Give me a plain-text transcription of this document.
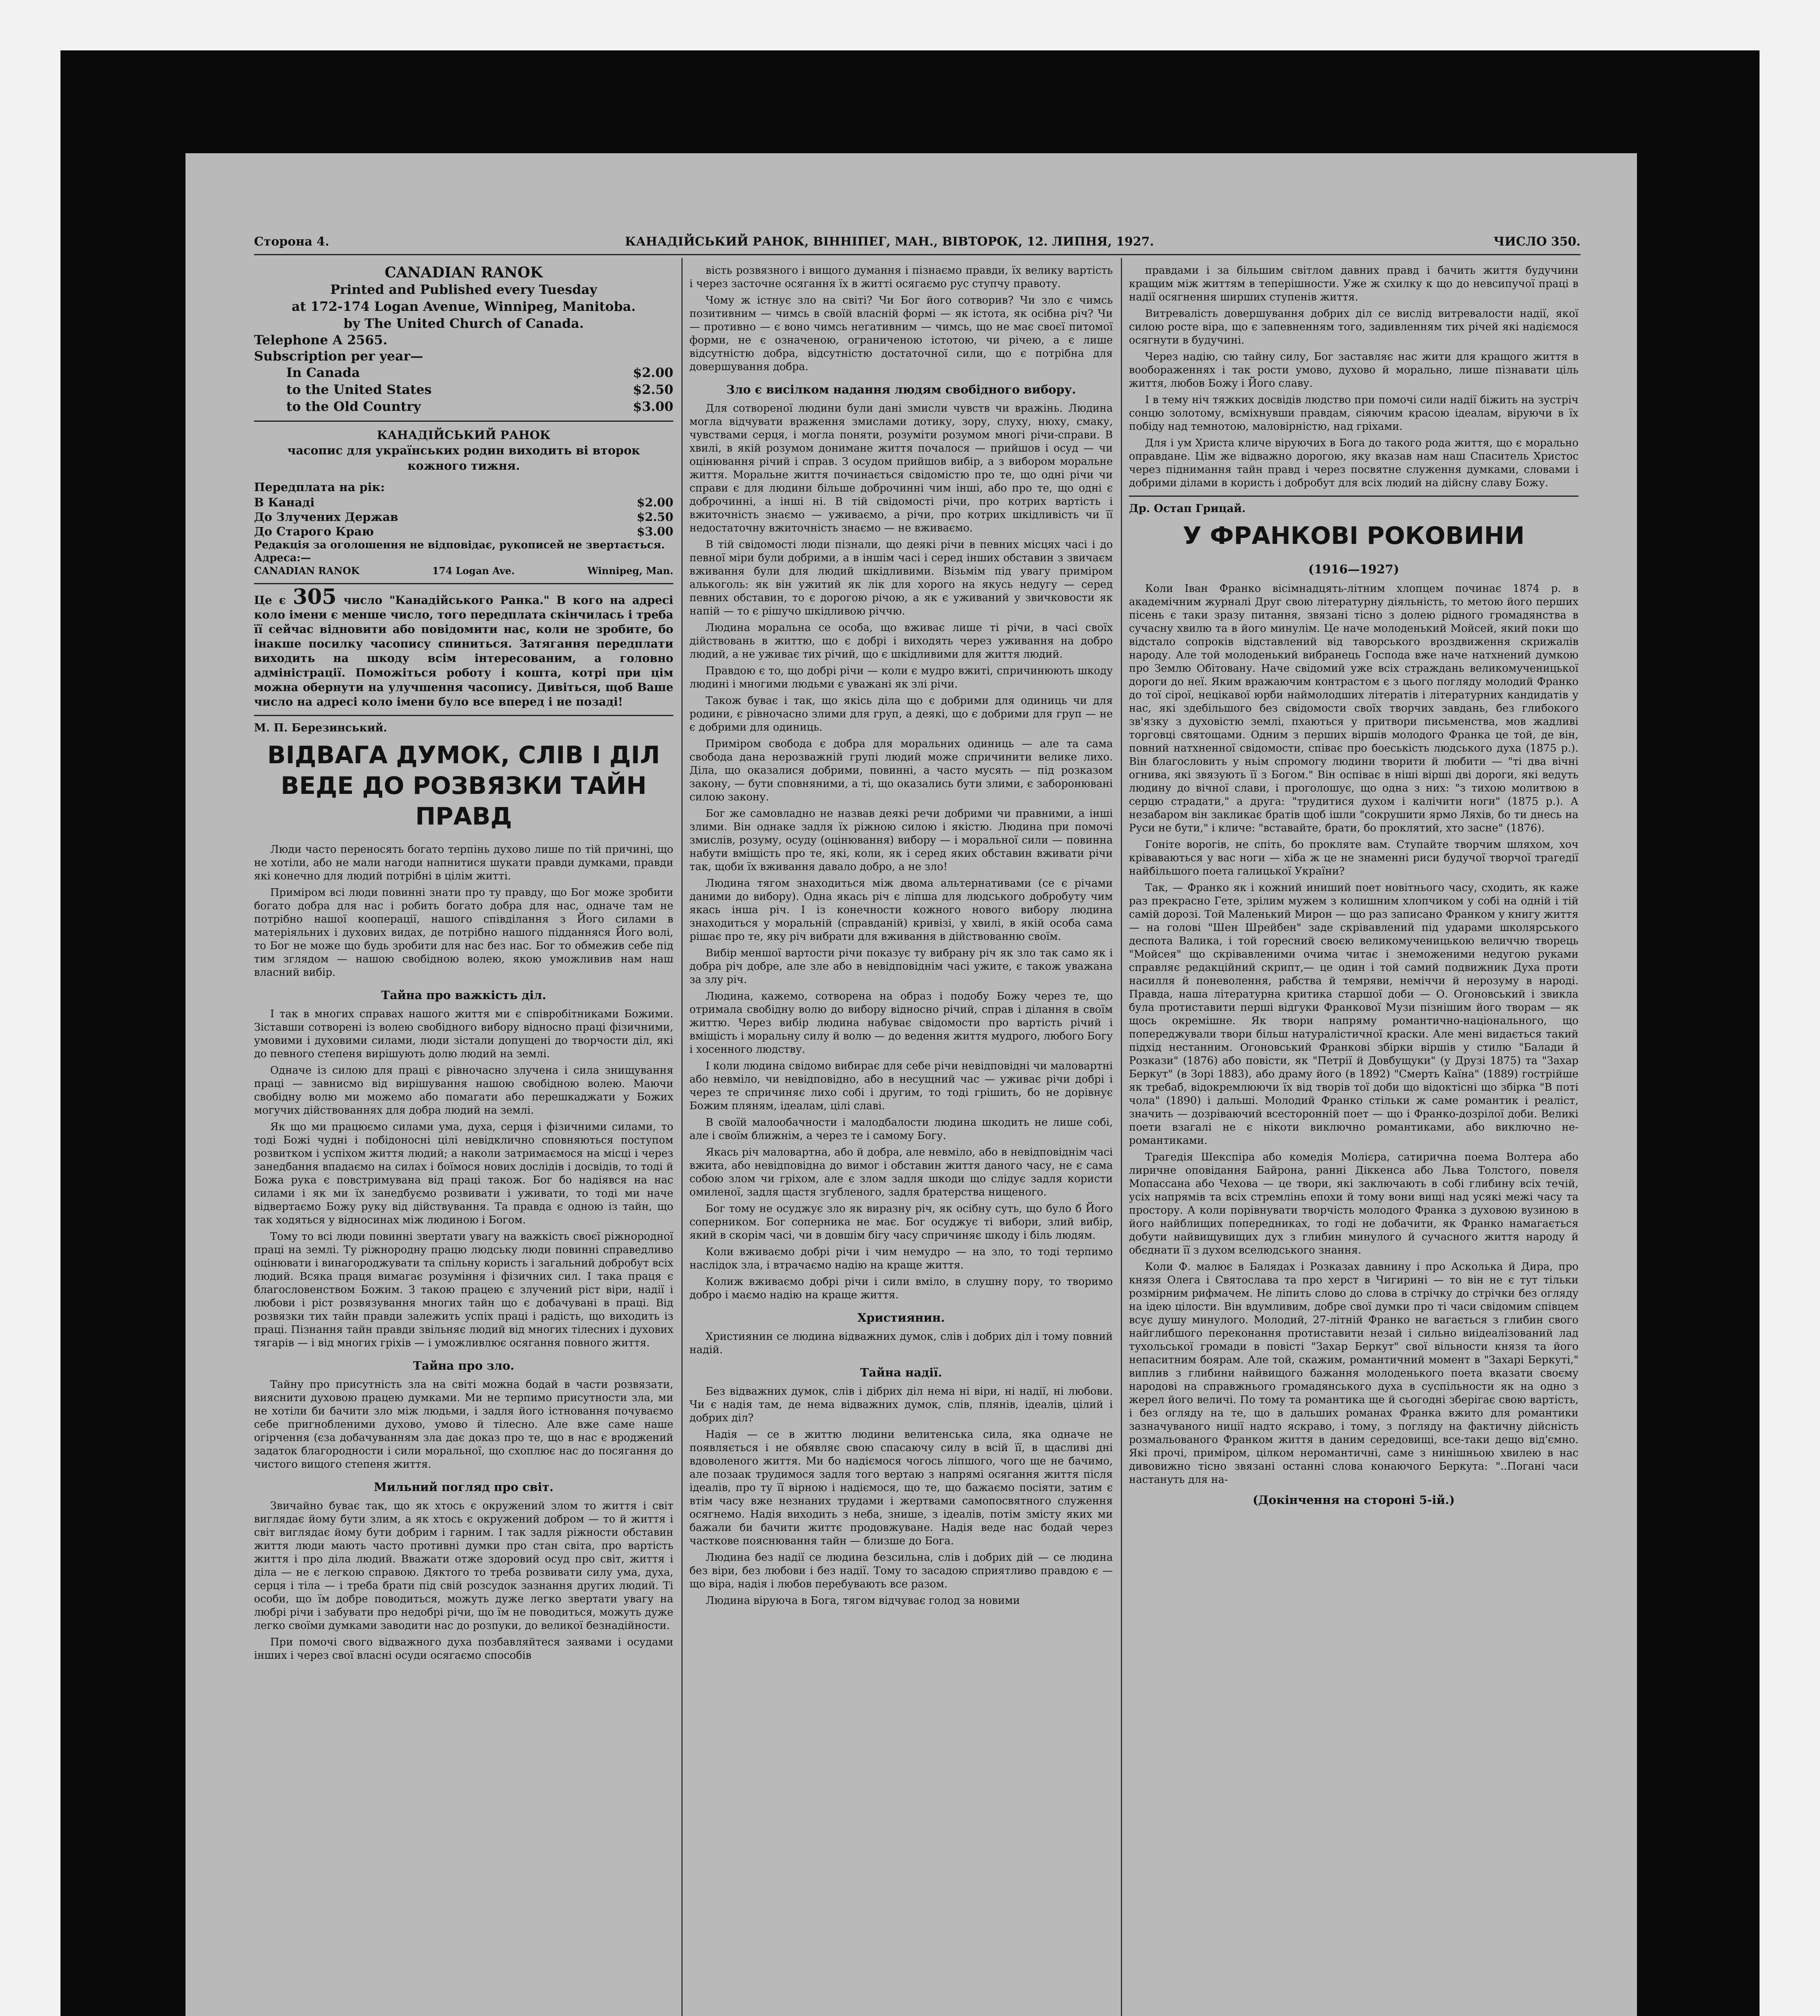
Сторона 4.	КАНАДІЙСЬКИЙ РАНОК, ВІННІПЕГ, МАН., ВІВТОРОК, 12. ЛИПНЯ, 1927.	ЧИСЛО 350.
CANADIAN RANOK
Printed and Published every Tuesday
at 172-174 Logan Avenue, Winnipeg, Manitoba.
by The United Church of Canada.
Telephone A 2565.
Subscription per year—
In Canada	$2.00
to the United States	$2.50
to the Old Country	$3.00
КАНАДІЙСЬКИЙ РАНОК
часопис для українських родин виходить ві второк
кожного тижня.
Передплата на рік:
В Канаді	$2.00
До Злучених Держав	$2.50
До Старого Краю	$3.00
Редакція за оголошення не відповідає, рукописей не звертається. Адреса:—
CANADIAN RANOK	174 Logan Ave.	Winnipeg, Man.
Це є 305 число "Канадійського Ранка." В кого на адресі коло імени є менше число, того передплата скінчилась і треба її сейчас відновити або повідомити нас, коли не зробите, бо інакше посилку часопису спиниться. Затягання передплати виходить на шкоду всім інтересованим, а головно адміністрації. Поможіться роботу і кошта, котрі при цім можна обернути на улучшення часопису. Дивіться, щоб Ваше число на адресі коло імени було все вперед і не позаді!
М. П. Березинський.
ВІДВАГА ДУМОК, СЛІВ І ДІЛ ВЕДЕ ДО РОЗВЯЗКИ ТАЙН ПРАВД

Люди часто переносять богато терпінь духово лише по тій причині, що не хотіли, або не мали нагоди напнитися шукати правди думками, правди які конечно для людий потрібні в цілім житті.

Приміром всі люди повинні знати про ту правду, що Бог може зробити богато добра для нас і робить богато добра для нас, одначе там не потрібно нашої кооперації, нашого співділання з Його силами в матеріяльних і духових видах, де потрібно нашого підданняся Його волі, то Бог не може що будь зробити для нас без нас. Бог то обмежив себе під тим зглядом — нашою свобідною волею, якою уможливив нам наш власний вибір.

Тайна про важкість діл.

І так в многих справах нашого життя ми є співробітниками Божими. Зіставши сотворені із волею свобідного вибору відносно праці фізичними, умовими і духовими силами, люди зістали допущені до творчости діл, які до певного степеня вирішують долю людий на землі.

Одначе із силою для праці є рівночасно злучена і сила знищування праці — завнисмо від вирішування нашою свобідною волею. Маючи свобідну волю ми можемо або помагати або перешкаджати у Божих могучих дійствованнях для добра людий на землі.

Як що ми працюємо силами ума, духа, серця і фізичними силами, то тоді Божі чудні і побідоносні цілі невідклично сповняються поступом розвитком і успіхом життя людий; а наколи затримаємося на місці і через занедбання впадаємо на силах і боїмося нових дослідів і досвідів, то тоді й Божа рука є повстримувана від праці також. Бог бо надіявся на нас силами і як ми їх занедбуємо розвивати і уживати, то тоді ми наче відвертаємо Божу руку від дійствування. Та правда є одною із тайн, що так ходяться у відносинах між людиною і Богом.

Тому то всі люди повинні звертати увагу на важкість своєї ріжнородної праці на землі. Ту ріжнородну працю людську люди повинні справедливо оцінювати і винагороджувати та спільну користь і загальний добробут всіх людий. Всяка праця вимагає розуміння і фізичних сил. І така праця є благословенством Божим. З такою працею є злучений ріст віри, надії і любови і ріст розвязування многих тайн що є добачувані в праці. Від розвязки тих тайн правди залежить успіх праці і радість, що виходить із праці. Пізнання тайн правди звільняє людий від многих тілесних і духових тягарів — і від многих гріхів — і уможливлює осягання повного життя.

Тайна про зло.

Тайну про присутність зла на світі можна бодай в части розвязати, вияснити духовою працею думками. Ми не терпимо присутности зла, ми не хотіли би бачити зло між людьми, і задля його істновання почуваємо себе пригнобленими духово, умово й тілесно. Але вже саме наше огірчення (єза добачуванням зла дає доказ про те, що в нас є вроджений задаток благородности і сили моральної, що схоплює нас до посягання до чистого вищого степеня життя.

Мильний погляд про світ.

Звичайно буває так, що як хтось є окружений злом то життя і світ виглядає йому бути злим, а як хтось є окружений добром — то й життя і світ виглядає йому бути добрим і гарним. І так задля ріжности обставин життя люди мають часто противні думки про стан світа, про вартість життя і про діла людий. Вважати отже здоровий осуд про світ, життя і діла — не є легкою справою. Дяктого то треба розвивати силу ума, духа, серця і тіла — і треба брати під свій розсудок зазнання других людий. Ті особи, що їм добре поводиться, можуть дуже легко звертати увагу на любрі річи і забувати про недобрі річи, що їм не поводиться, можуть дуже легко своїми думками заводити нас до розпуки, до великої безнадійности.

При помочі свого відважного духа позбавляйтеся заявами і осудами інших і через свої власні осуди осягаємо способів

вість розвязного і вищого думання і пізнаємо правди, їх велику вартість і через засточне осягання їх в житті осягаємо рус ступчу правоту.

Чому ж істнує зло на світі? Чи Бог його сотворив? Чи зло є чимсь позитивним — чимсь в своїй власній формі — як істота, як осібна річ? Чи — противно — є воно чимсь негативним — чимсь, що не має своєї питомої форми, не є означеною, ограниченою істотою, чи річею, а є лише відсутністю добра, відсутністю достаточної сили, що є потрібна для довершування добра.

Зло є висілком надання людям свобідного вибору.

Для сотвореної людини були дані змисли чувств чи вражінь. Людина могла відчувати враження змислами дотику, зору, слуху, нюху, смаку, чувствами серця, і могла поняти, розуміти розумом многі річи-справи. В хвилі, в якій розумом донимане життя почалося — прийшов і осуд — чи оцінювання річий і справ. З осудом прийшов вибір, а з вибором моральне життя. Моральне життя починається свідомістю про те, що одні річи чи справи є для людини більше доброчинні чим інші, або про те, що одні є доброчинні, а інші ні. В тій свідомості річи, про котрих вартість і вжиточність знаємо — уживаємо, а річи, про котрих шкідливість чи її недостаточну вжиточність знаємо — не вживаємо.

В тій свідомості люди пізнали, що деякі річи в певних місцях часі і до певної міри були добрими, а в іншім часі і серед інших обставин з звичаєм вживання були для людий шкідливими. Візьмім під увагу приміром алькоголь: як він ужитий як лік для хорого на якусь недугу — серед певних обставин, то є дорогою річою, а як є уживаний у звичковости як напій — то є рішучо шкідливою річчю.

Людина моральна се особа, що вживає лише ті річи, в часі своїх дійствовань в життю, що є добрі і виходять через уживання на добро людий, а не уживає тих річий, що є шкідливими для життя людий.

Правдою є то, що добрі річи — коли є мудро вжиті, спричинюють шкоду людині і многими людьми є уважані як злі річи.

Також буває і так, що якісь діла що є добрими для одиниць чи для родини, є рівночасно злими для груп, а деякі, що є добрими для груп — не є добрими для одиниць.

Приміром свобода є добра для моральних одиниць — але та сама свобода дана нерозважній групі людий може спричинити велике лихо. Діла, що оказалися добрими, повинні, а часто мусять — під розказом закону, — бути сповняними, а ті, що оказались бути злими, є заборонювані силою закону.

Бог же самовладно не назвав деякі речи добрими чи правними, а інші злими. Він однаке задля їх ріжною силою і якістю. Людина при помочі змислів, розуму, осуду (оцінювання) вибору — і моральної сили — повинна набути вміщість про те, які, коли, як і серед яких обставин вживати річи так, щоби їх вживання давало добро, а не зло!

Людина тягом знаходиться між двома альтернативами (се є річами даними до вибору). Одна якась річ є ліпша для людського добробуту чим якась інша річ. І із конечности кожного нового вибору людина знаходиться у моральній (справданій) кривізі, у хвилі, в якій особа сама рішає про те, яку річ вибрати для вживання в дійствованню своїм.

Вибір меншої вартости річи показує ту вибрану річ як зло так само як і добра річ добре, але зле або в невідповіднім часі ужите, є також уважана за злу річ.

Людина, кажемо, сотворена на образ і подобу Божу через те, що отримала свобідну волю до вибору відносно річий, справ і ділання в своїм життю. Через вибір людина набуває свідомости про вартість річий і вміщість і моральну силу й волю — до ведення життя мудрого, любого Богу і хосенного людству.

І коли людина свідомо вибирає для себе річи невідповідні чи маловартні або невміло, чи невідповідно, або в несущний час — уживає річи добрі і через те спричиняє лихо собі і другим, то тоді грішить, бо не дорівнує Божим пляням, ідеалам, цілі славі.

В своїй малообачности і малодбалости людина шкодить не лише собі, але і своїм ближнім, а через те і самому Богу.

Якась річ маловартна, або й добра, але невміло, або в невідповіднім часі вжита, або невідповідна до вимог і обставин життя даного часу, не є сама собою злом чи гріхом, але є злом задля шкоди що слідує задля користи омиленої, задля щастя згубленого, задля братерства нищеного.

Бог тому не осуджує зло як виразну річ, як осібну суть, що було б Його соперником. Бог соперника не має. Бог осуджує ті вибори, злий вибір, який в скорім часі, чи в довшім бігу часу спричиняє шкоду і біль людям.

Коли вживаємо добрі річи і чим немудро — на зло, то тоді терпимо наслідок зла, і втрачаємо надію на краще життя.

Колиж вживаємо добрі річи і сили вміло, в слушну пору, то творимо добро і маємо надію на краще життя.

Християнин.

Християнин се людина відважних думок, слів і добрих діл і тому повний надій.

Тайна надії.

Без відважних думок, слів і дібрих діл нема ні віри, ні надії, ні любови. Чи є надія там, де нема відважних думок, слів, плянів, ідеалів, цілий і добрих діл?

Надія — се в життю людини велитенська сила, яка одначе не появляється і не обявляє свою спасаючу силу в всій її, в щасливі дні вдоволеного життя. Ми бо надіємося чогось ліпшого, чого ще не бачимо, але позаак трудимося задля того вертаю з напрямі осягання життя після ідеалів, про ту її вірною і надіємося, що те, що бажаємо посіяти, затим є втім часу вже незнаних трудами і жертвами самопосвятного служення осягнемо. Надія виходить з неба, знише, з ідеалів, потім змісту яких ми бажали би бачити життє продовжуване. Надія веде нас бодай через часткове пояснювання тайн — близше до Бога.

Людина без надії се людина безсильна, слів і добрих дій — се людина без віри, без любови і без надії. Тому то засадою сприятливо правдою є — що віра, надія і любов перебувають все разом.

Людина віруюча в Бога, тягом відчуває голод за новими

правдами і за більшим світлом давних правд і бачить життя будучини кращим між життям в теперішности. Уже ж схилку к що до невсипучої праці в надії осягнення ширших ступенів життя.

Витревалість довершування добрих діл се вислід витревалости надії, якої силою росте віра, що є запевненням того, задивленням тих річей які надіємося осягнути в будучині.

Через надію, сю тайну силу, Бог заставляє нас жити для кращого життя в вообораженнях і так рости умово, духово й морально, лише пізнавати ціль життя, любов Божу і Його славу.

І в тему ніч тяжких досвідів людство при помочі сили надії біжить на зустріч сонцю золотому, всміхнувши правдам, сіяючим красою ідеалам, віруючи в їх побіду над темнотою, маловірністю, над гріхами.

Для і ум Христа кличе віруючих в Бога до такого рода життя, що є морально оправдане. Цім же відважно дорогою, яку вказав нам наш Спаситель Христос через піднимання тайн правд і через посвятне служення думками, словами і добрими ділами в користь і добробут для всіх людий на дійсну славу Божу.

Др. Остап Грицай.
У ФРАНКОВІ РОКОВИНИ
(1916—1927)

Коли Іван Франко вісімнадцять-літним хлопцем починає 1874 р. в академічним журналі Друг свою літературну діяльність, то метою його перших пісень є таки зразу питання, звязані тісно з долею рідного громадянства в сучасну хвилю та в його минулім. Це наче молоденький Мойсей, який поки що відстало сопроків відставлений від таворського вроздвиження скрижалів народу. Але той молоденький вибранець Господа вже наче натхнений думкою про Землю Обітовану. Наче свідомий уже всіх страждань великомученицької дороги до неї. Яким вражаючим контрастом є з цього погляду молодий Франко до тої сірої, нецікавої юрби наймолодших літератів і літературних кандидатів у нас, які здебільшого без свідомости своїх творчих завдань, без глибокого зв'язку з духовістю землі, пхаються у притвори письменства, мов жадливі торговці святощами. Одним з перших віршів молодого Франка це той, де він, повний натхненної свідомости, співає про боеськість людського духа (1875 р.). Він благословить у ньім спромогу людини творити й любити — "ті два вічні огнива, які звязують її з Богом." Він оспіває в ніші вірші дві дороги, які ведуть людину до вічної слави, і проголошує, що одна з них: "з тихою молитвою в серцю страдати," а друга: "трудитися духом і калічити ноги" (1875 р.). А незабаром він закликає братів щоб ішли "сокрушити ярмо Ляхів, бо ти днесь на Руси не бути," і кличе: "вставайте, брати, бо проклятий, хто засне" (1876).

Гоніте ворогів, не спіть, бо прокляте вам. Ступайте творчим шляхом, хоч кріваваються у вас ноги — хіба ж це не знаменні риси будучої творчої трагедії найбільшого поета галицької України?

Так, — Франко як і кожний иниший поет новітнього часу, сходить, як каже раз прекрасно Гете, зрілим мужем з колишним хлопчиком у собі на одній і тій самій дорозі. Той Маленький Мирон — що раз записано Франком у книгу життя — на голові "Шен Шрейбен" заде скрівавлений під ударами школярського деспота Валика, і той гoрecний своєю великомученицькою величчю творець "Мойсея" що скрівавленими очима читає і знеможеними недугою руками справляє редакційний скрипт,— це один і той самий подвижник Духа проти насилля й поневолення, рабства й темряви, неміччи й нерозуму в народі. Правда, наша літературна критика старшої доби — О. Огоновський і звикла була протиставити перші відгуки Франкової Музи пізнішим його творам — як щось окремішне. Як твори напряму романтично-національного, що попереджували твори більш натуралістичної краски. Але мені видається такий підхід нестанним. Огоновський Франкові збірки віршів у стилю "Балади й Розкази" (1876) або повісти, як "Петрії й Довбущуки" (у Друзі 1875) та "Захар Беркут" (в Зорі 1883), або драму його (в 1892) "Смерть Каїна" (1889) гострійше як требаб, відокремлюючи їх від творів тої доби що відоктісні що збірка "В поті чола" (1890) і дальші. Молодий Франко стільки ж саме романтик і реаліст, значить — дозріваючий всесторонній поет — що і Франко-дозрілої доби. Великі поети взагалі не є нікоти виключно романтиками, або виключно не-романтиками.

Трагедія Шекспіра або комедія Молієра, сатирична поема Волтера або лиричне оповідання Байрона, ранні Діккенса або Льва Толстого, повеля Мопассана або Чехова — це твори, які заключають в собі глибину всіх течій, усіх напрямів та всіх стремлінь епохи й тому вони вищі над усякі межі часу та простору. А коли порівнувати творчість молодого Франка з духовою вузиною в його найблищих попередниках, то годі не добачити, як Франко намагається добути найвищувищих дух з глибин минулого й сучасного життя народу й обєднати її з духом вселюдського знання.

Коли Ф. малює в Балядах і Розказах давнину і про Асколька й Дира, про князя Олега і Святослава та про херст в Чигирині — то він не є тут тільки розмірним рифмачем. Не ліпить слово до слова в стрічку до стрічки без огляду на ідею цілости. Він вдумливим, добре свої думки про ті часи свідомим співцем всує душу минулого. Молодий, 27-літній Франко не вагається з глибин свого найглибшого переконання протиставити незай і сильно виідеалізований лад тухольської громади в повісті "Захар Беркут" свої вільности князя та його непаситним боярам. Але той, скажим, романтичний момент в "Захарі Беркуті," виплив з глибини найвищого бажання молоденького поета вказати своєму народові на справжнього громадянського духа в суспільности як на одно з жерел його величі. По тому та романтика ще й сьогодні зберігає свою вартість, і без огляду на те, що в дальших романах Франка вжито для романтики зазначуваного ниції надто яскраво, і тому, з погляду на фактичну дійсність розмальованого Франком життя в даним середовищі, все-таки дещо від'ємно. Які прочі, приміром, цілком неромантичні, саме з нинішньою хвилею в нас дивовижно тісно звязані останні слова конаючого Беркута: "..Погані часи настануть для на-

(Докінчення на стороні 5-ій.)
